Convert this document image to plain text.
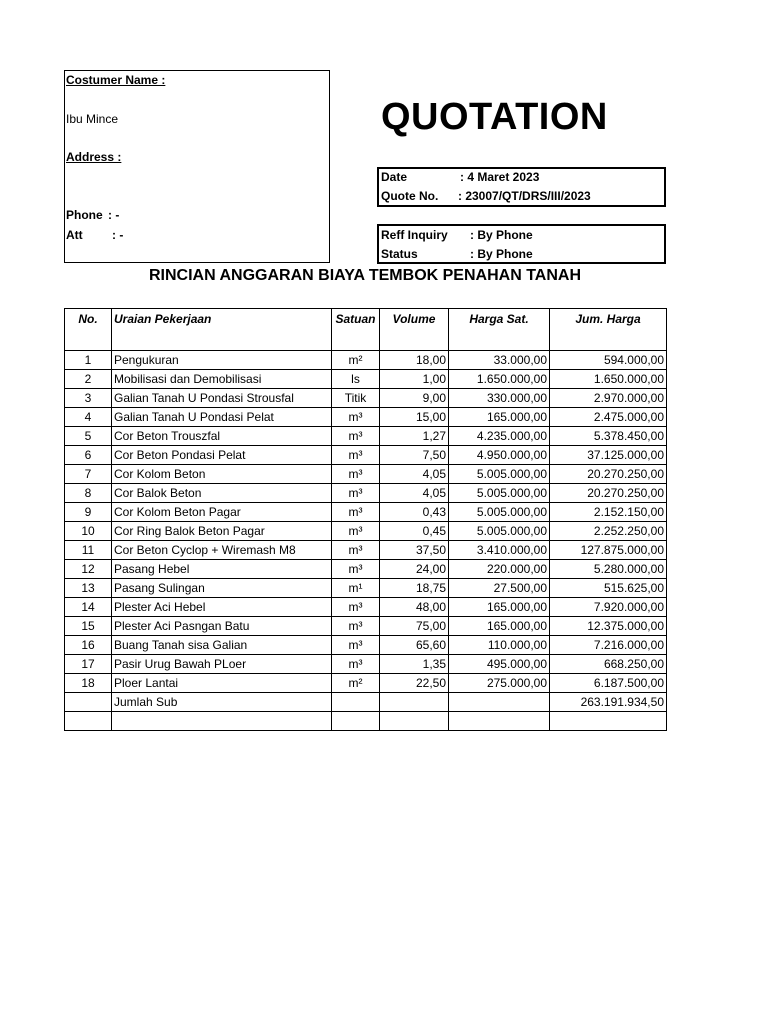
Costumer Name :
Ibu Mince
Address :
Phone : -
Att : -
QUOTATION
Date	: 4 Maret 2023
Quote No. : 23007/QT/DRS/III/2023
Reff Inquiry : By Phone
Status	: By Phone
RINCIAN ANGGARAN BIAYA TEMBOK PENAHAN TANAH
No.	Uraian Pekerjaan	Satuan	Volume	Harga Sat.	Jum. Harga
1	Pengukuran	m²	18,00	33.000,00	594.000,00
2	Mobilisasi dan Demobilisasi	ls	1,00	1.650.000,00	1.650.000,00
3	Galian Tanah U Pondasi Strousfal	Titik	9,00	330.000,00	2.970.000,00
4	Galian Tanah U Pondasi Pelat	m³	15,00	165.000,00	2.475.000,00
5	Cor Beton Trouszfal	m³	1,27	4.235.000,00	5.378.450,00
6	Cor Beton Pondasi Pelat	m³	7,50	4.950.000,00	37.125.000,00
7	Cor Kolom Beton	m³	4,05	5.005.000,00	20.270.250,00
8	Cor Balok Beton	m³	4,05	5.005.000,00	20.270.250,00
9	Cor Kolom Beton Pagar	m³	0,43	5.005.000,00	2.152.150,00
10	Cor Ring Balok Beton Pagar	m³	0,45	5.005.000,00	2.252.250,00
11	Cor Beton Cyclop + Wiremash M8	m³	37,50	3.410.000,00	127.875.000,00
12	Pasang Hebel	m³	24,00	220.000,00	5.280.000,00
13	Pasang Sulingan	m¹	18,75	27.500,00	515.625,00
14	Plester Aci Hebel	m³	48,00	165.000,00	7.920.000,00
15	Plester Aci Pasngan Batu	m³	75,00	165.000,00	12.375.000,00
16	Buang Tanah sisa Galian	m³	65,60	110.000,00	7.216.000,00
17	Pasir Urug Bawah PLoer	m³	1,35	495.000,00	668.250,00
18	Ploer Lantai	m²	22,50	275.000,00	6.187.500,00
	Jumlah Sub				263.191.934,50
